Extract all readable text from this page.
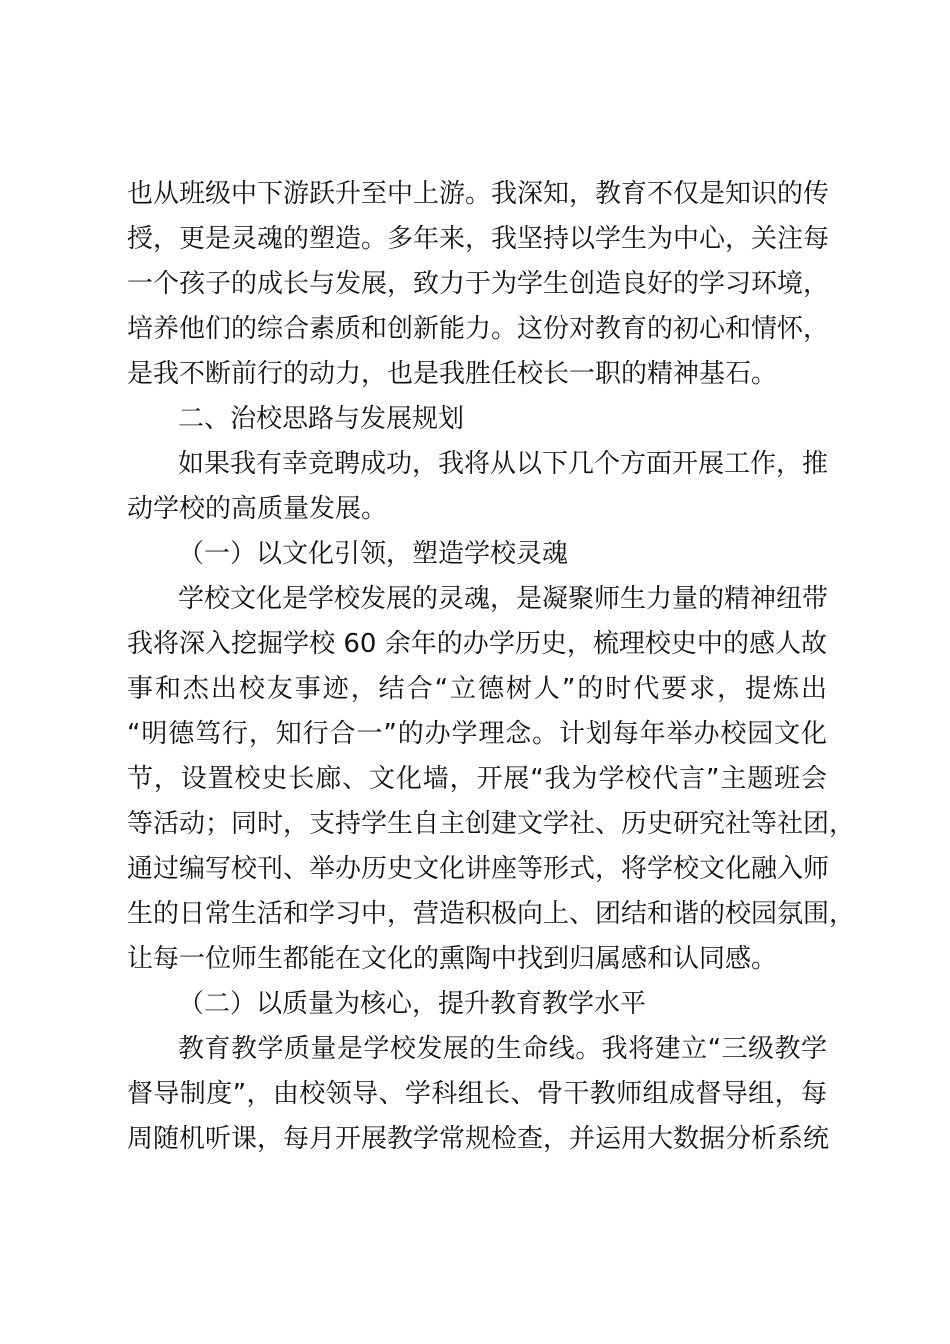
也从班级中下游跃升至中上游。我深知，教育不仅是知识的传
授，更是灵魂的塑造。多年来，我坚持以学生为中心，关注每
一个孩子的成长与发展，致力于为学生创造良好的学习环境，
培养他们的综合素质和创新能力。这份对教育的初心和情怀，
是我不断前行的动力，也是我胜任校长一职的精神基石。
二、治校思路与发展规划
如果我有幸竞聘成功，我将从以下几个方面开展工作，推
动学校的高质量发展。
（一）以文化引领，塑造学校灵魂
学校文化是学校发展的灵魂，是凝聚师生力量的精神纽带
我将深入挖掘学校 60 余年的办学历史，梳理校史中的感人故
事和杰出校友事迹，结合“立德树人”的时代要求，提炼出
“明德笃行，知行合一”的办学理念。计划每年举办校园文化
节，设置校史长廊、文化墙，开展“我为学校代言”主题班会
等活动；同时，支持学生自主创建文学社、历史研究社等社团，
通过编写校刊、举办历史文化讲座等形式，将学校文化融入师
生的日常生活和学习中，营造积极向上、团结和谐的校园氛围，
让每一位师生都能在文化的熏陶中找到归属感和认同感。
（二）以质量为核心，提升教育教学水平
教育教学质量是学校发展的生命线。我将建立“三级教学
督导制度”，由校领导、学科组长、骨干教师组成督导组，每
周随机听课，每月开展教学常规检查，并运用大数据分析系统
